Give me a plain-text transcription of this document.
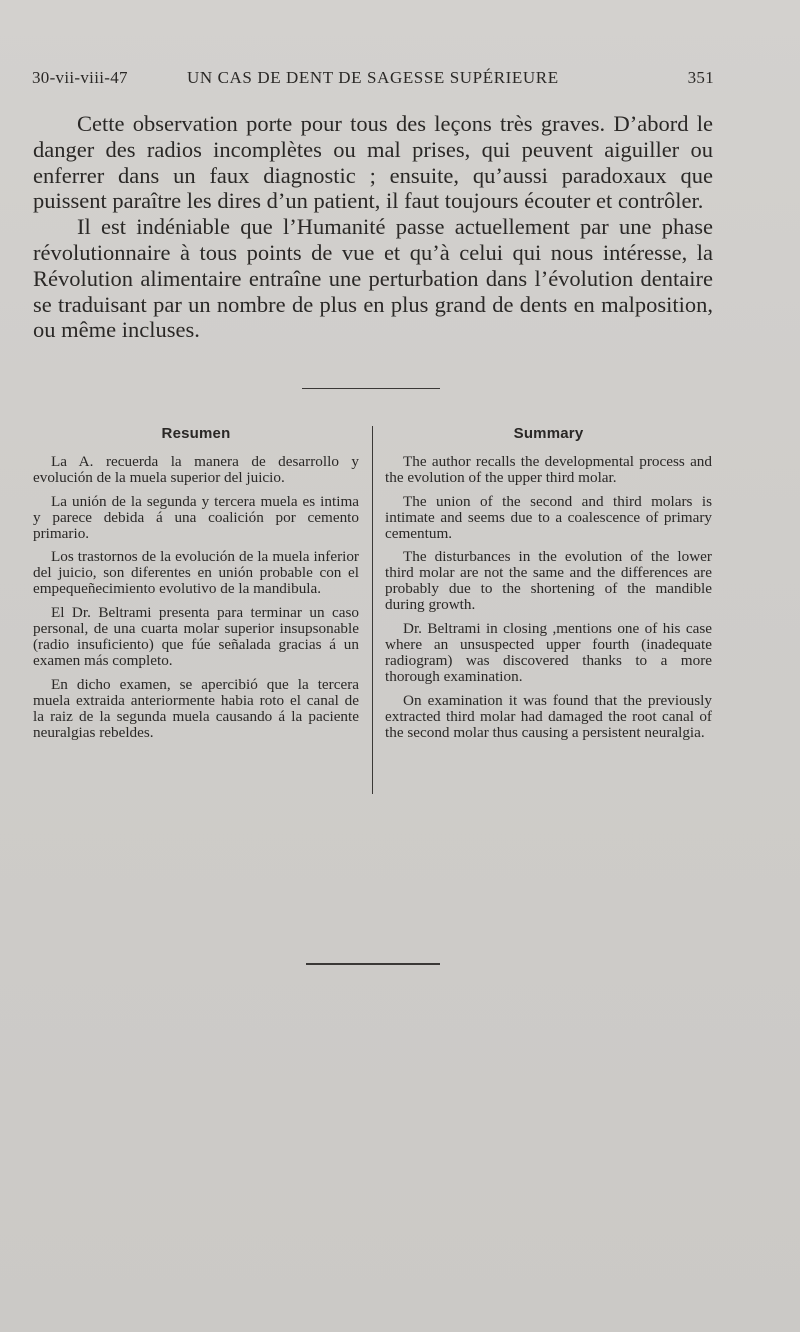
30-vii-viii-47	UN CAS DE DENT DE SAGESSE SUPÉRIEURE	351

Cette observation porte pour tous des leçons très graves. D’abord le danger des radios incomplètes ou mal prises, qui peuvent aiguiller ou enferrer dans un faux diagnostic ; ensuite, qu’aussi paradoxaux que puissent paraître les dires d’un patient, il faut toujours écouter et contrôler.

Il est indéniable que l’Humanité passe actuellement par une phase révolutionnaire à tous points de vue et qu’à celui qui nous intéresse, la Révolution alimentaire entraîne une perturbation dans l’évolution dentaire se traduisant par un nombre de plus en plus grand de dents en malposition, ou même incluses.

Resumen

La A. recuerda la manera de desarrollo y evolución de la muela superior del juicio.

La unión de la segunda y tercera muela es intima y parece debida á una coalición por cemento primario.

Los trastornos de la evolución de la muela inferior del juicio, son diferentes en unión probable con el empequeñecimiento evolutivo de la mandibula.

El Dr. Beltrami presenta para terminar un caso personal, de una cuarta molar superior insupsonable (radio insuficiento) que fúe señalada gracias á un examen más completo.

En dicho examen, se apercibió que la tercera muela extraida anteriormente habia roto el canal de la raiz de la segunda muela causando á la paciente neuralgias rebeldes.

Summary

The author recalls the developmental process and the evolution of the upper third molar.

The union of the second and third molars is intimate and seems due to a coalescence of primary cementum.

The disturbances in the evolution of the lower third molar are not the same and the differences are probably due to the shortening of the mandible during growth.

Dr. Beltrami in closing ,mentions one of his case where an unsuspected upper fourth (inadequate radiogram) was discovered thanks to a more thorough examination.

On examination it was found that the previously extracted third molar had damaged the root canal of the second molar thus causing a persistent neuralgia.
